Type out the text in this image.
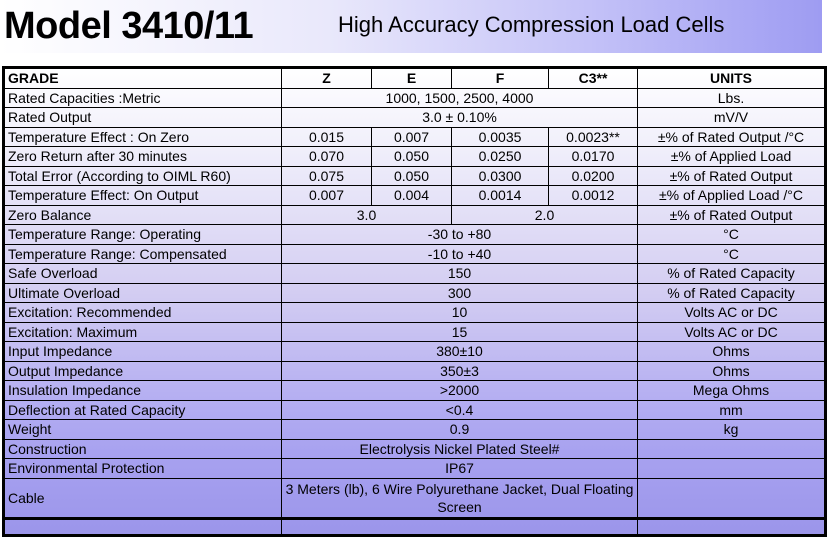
Model 3410/11	High Accuracy Compression Load Cells
GRADE	Z	E	F	C3**	UNITS
Rated Capacities :Metric	1000, 1500, 2500, 4000				Lbs.
Rated Output	3.0 ± 0.10%				mV/V
Temperature Effect : On Zero	0.015	0.007	0.0035	0.0023**	±% of Rated Output /°C
Zero Return after 30 minutes	0.070	0.050	0.0250	0.0170	±% of Applied Load
Total Error (According to OIML R60)	0.075	0.050	0.0300	0.0200	±% of Rated Output
Temperature Effect: On Output	0.007	0.004	0.0014	0.0012	±% of Applied Load /°C
Zero Balance	3.0		2.0		±% of Rated Output
Temperature Range: Operating	-30 to +80				°C
Temperature Range: Compensated	-10 to +40				°C
Safe Overload	150				% of Rated Capacity
Ultimate Overload	300				% of Rated Capacity
Excitation: Recommended	10				Volts AC or DC
Excitation: Maximum	15				Volts AC or DC
Input Impedance	380±10				Ohms
Output Impedance	350±3				Ohms
Insulation Impedance	>2000				Mega Ohms
Deflection at Rated Capacity	<0.4				mm
Weight	0.9				kg
Construction	Electrolysis Nickel Plated Steel#				
Environmental Protection	IP67				
Cable	3 Meters (lb), 6 Wire Polyurethane Jacket, Dual Floating Screen				
